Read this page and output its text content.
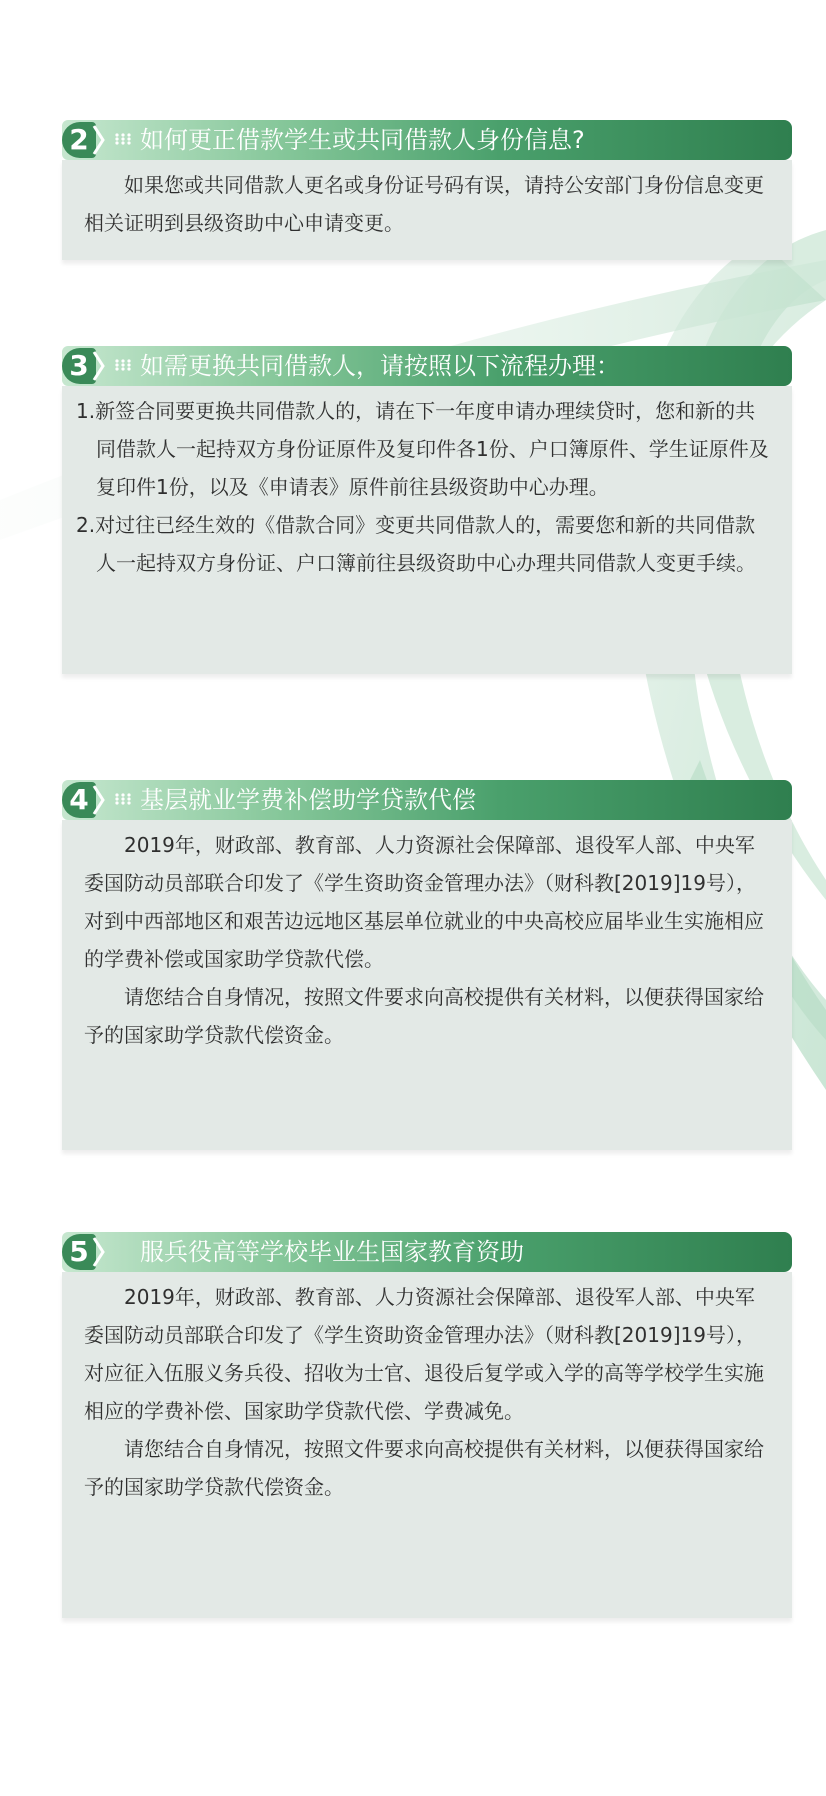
2	如何更正借款学生或共同借款人身份信息?

如果您或共同借款人更名或身份证号码有误，请持公安部门身份信息变更相关证明到县级资助中心申请变更。

3	如需更换共同借款人，请按照以下流程办理：

1.新签合同要更换共同借款人的，请在下一年度申请办理续贷时，您和新的共同借款人一起持双方身份证原件及复印件各1份、户口簿原件、学生证原件及复印件1份，以及《申请表》原件前往县级资助中心办理。

2.对过往已经生效的《借款合同》变更共同借款人的，需要您和新的共同借款人一起持双方身份证、户口簿前往县级资助中心办理共同借款人变更手续。

4	基层就业学费补偿助学贷款代偿

2019年，财政部、教育部、人力资源社会保障部、退役军人部、中央军委国防动员部联合印发了《学生资助资金管理办法》（财科教[2019]19号），对到中西部地区和艰苦边远地区基层单位就业的中央高校应届毕业生实施相应的学费补偿或国家助学贷款代偿。

请您结合自身情况，按照文件要求向高校提供有关材料，以便获得国家给予的国家助学贷款代偿资金。

5	服兵役高等学校毕业生国家教育资助

2019年，财政部、教育部、人力资源社会保障部、退役军人部、中央军委国防动员部联合印发了《学生资助资金管理办法》（财科教[2019]19号），对应征入伍服义务兵役、招收为士官、退役后复学或入学的高等学校学生实施相应的学费补偿、国家助学贷款代偿、学费减免。

请您结合自身情况，按照文件要求向高校提供有关材料，以便获得国家给予的国家助学贷款代偿资金。
